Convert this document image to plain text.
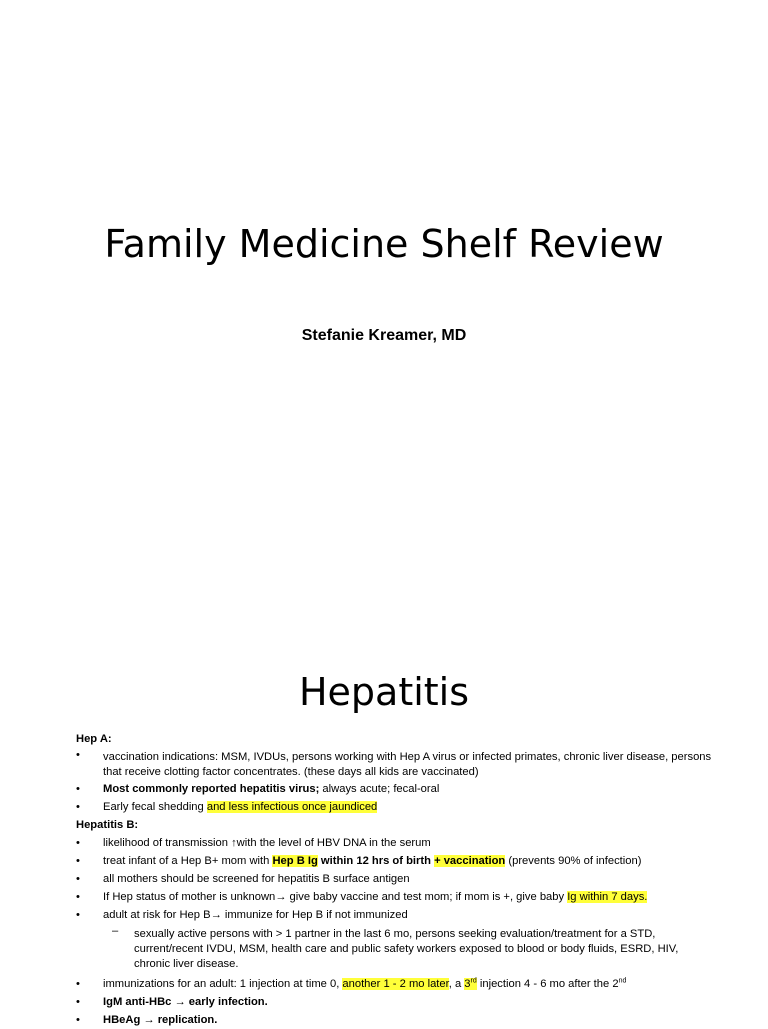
Family Medicine Shelf Review

Stefanie Kreamer, MD

Hepatitis
Hep A:
•	vaccination indications: MSM, IVDUs, persons working with Hep A virus or infected primates, chronic liver disease, persons that receive clotting factor concentrates. (these days all kids are vaccinated)
•	Most commonly reported hepatitis virus; always acute; fecal-oral
•	Early fecal shedding and less infectious once jaundiced
Hepatitis B:
•	likelihood of transmission ↑with the level of HBV DNA in the serum
•	treat infant of a Hep B+ mom with Hep B Ig within 12 hrs of birth + vaccination (prevents 90% of infection)
•	all mothers should be screened for hepatitis B surface antigen
•	If Hep status of mother is unknown→ give baby vaccine and test mom; if mom is +, give baby Ig within 7 days.
•	adult at risk for Hep B→ immunize for Hep B if not immunized
–	sexually active persons with > 1 partner in the last 6 mo, persons seeking evaluation/treatment for a STD, current/recent IVDU, MSM, health care and public safety workers exposed to blood or body fluids, ESRD, HIV, chronic liver disease.
•	immunizations for an adult: 1 injection at time 0, another 1 - 2 mo later, a 3rd injection 4 - 6 mo after the 2nd
•	IgM anti-HBc → early infection.
•	HBeAg → replication.
